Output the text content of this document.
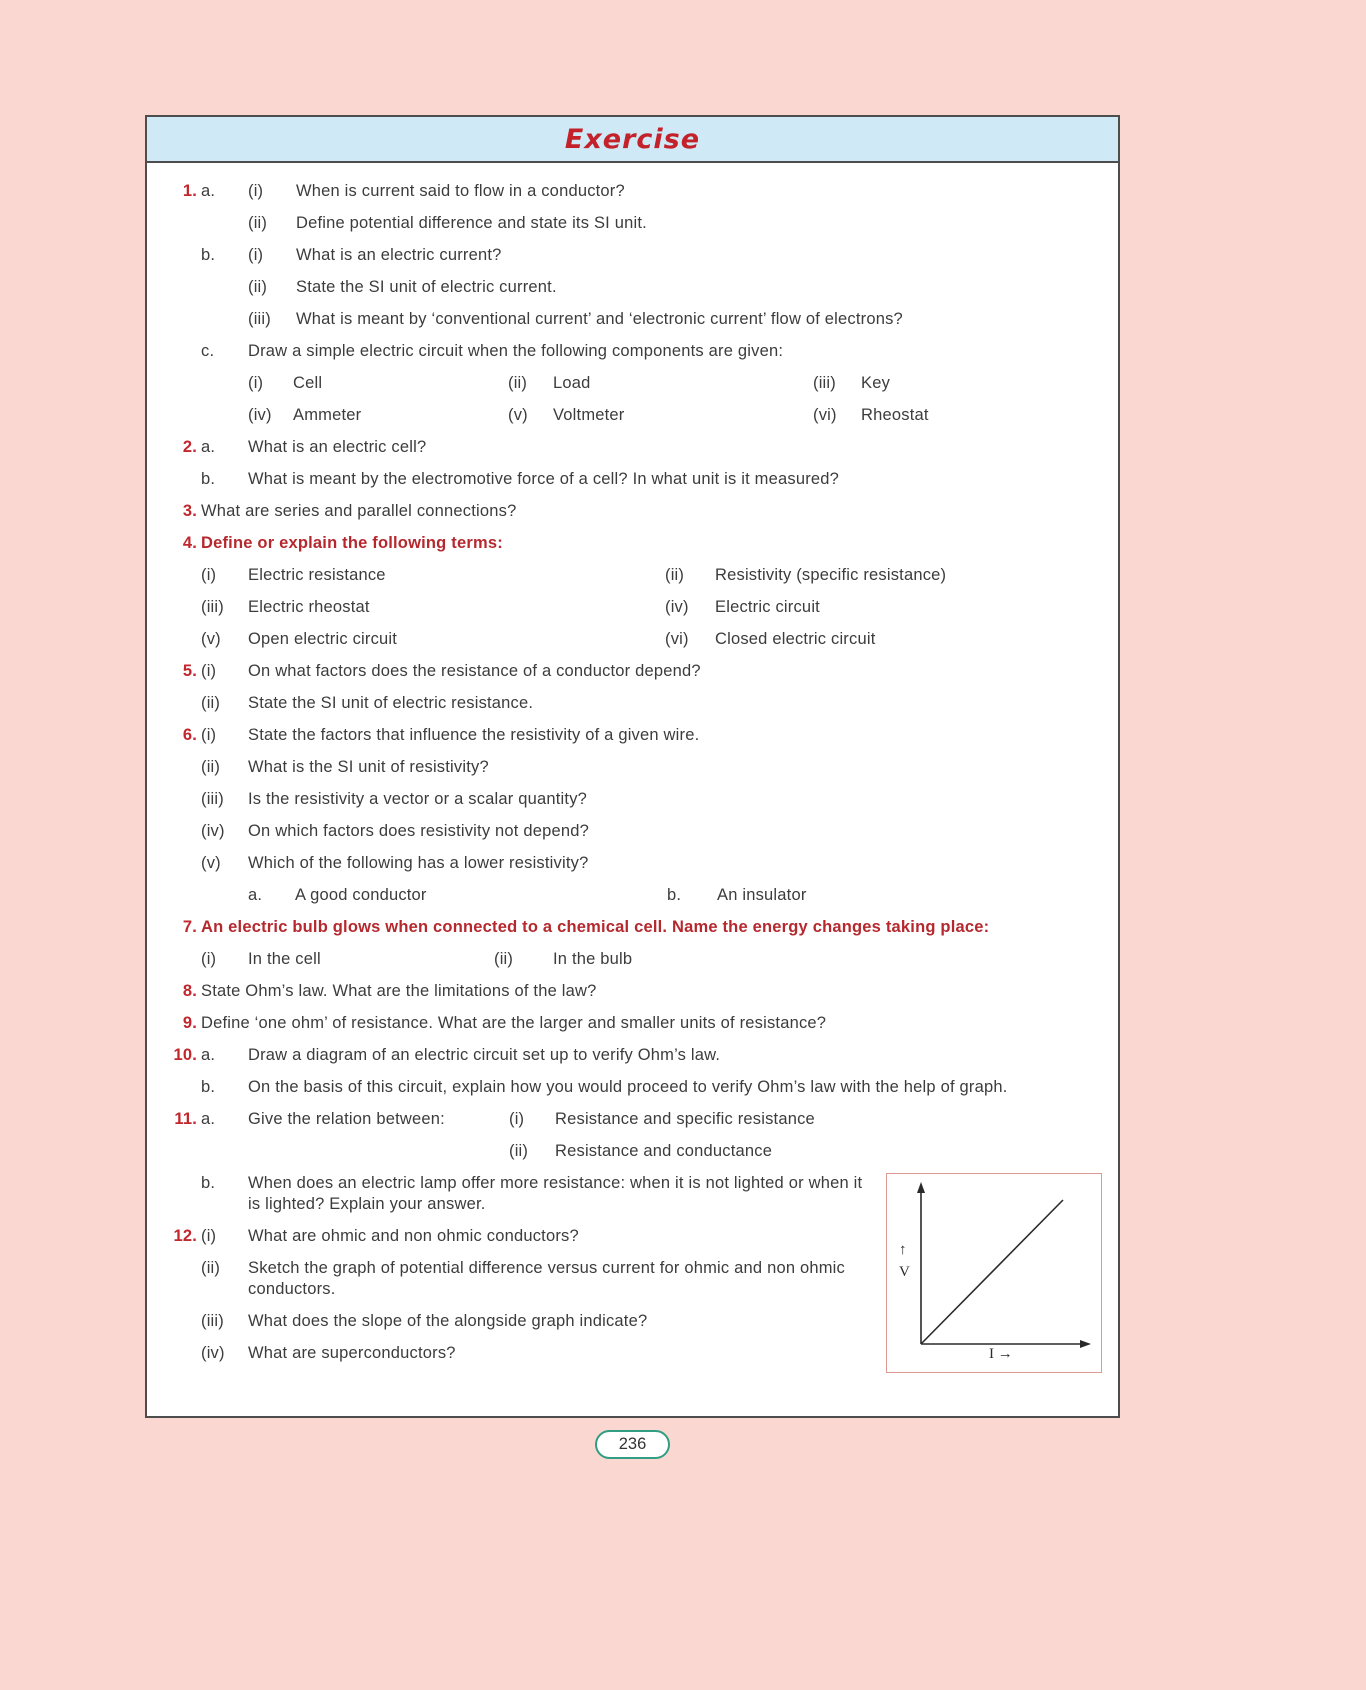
Exercise
1. a.	(i)	When is current said to flow in a conductor?
(ii)	Define potential difference and state its SI unit.
b.	(i)	What is an electric current?
(ii)	State the SI unit of electric current.
(iii)	What is meant by ‘conventional current’ and ‘electronic current’ flow of electrons?
c.	Draw a simple electric circuit when the following components are given:
(i)	Cell	(ii)	Load	(iii)	Key
(iv)	Ammeter	(v)	Voltmeter	(vi)	Rheostat
2. a.	What is an electric cell?
b.	What is meant by the electromotive force of a cell? In what unit is it measured?
3. What are series and parallel connections?
4. Define or explain the following terms:
(i)	Electric resistance	(ii)	Resistivity (specific resistance)
(iii)	Electric rheostat	(iv)	Electric circuit
(v)	Open electric circuit	(vi)	Closed electric circuit
5. (i)	On what factors does the resistance of a conductor depend?
(ii)	State the SI unit of electric resistance.
6. (i)	State the factors that influence the resistivity of a given wire.
(ii)	What is the SI unit of resistivity?
(iii)	Is the resistivity a vector or a scalar quantity?
(iv)	On which factors does resistivity not depend?
(v)	Which of the following has a lower resistivity?
a.	A good conductor	b.	An insulator
7. An electric bulb glows when connected to a chemical cell. Name the energy changes taking place:
(i)	In the cell	(ii)	In the bulb
8. State Ohm’s law. What are the limitations of the law?
9. Define ‘one ohm’ of resistance. What are the larger and smaller units of resistance?
10. a.	Draw a diagram of an electric circuit set up to verify Ohm’s law.
b.	On the basis of this circuit, explain how you would proceed to verify Ohm’s law with the help of graph.
11. a.	Give the relation between:	(i)	Resistance and specific resistance
(ii)	Resistance and conductance
b.	When does an electric lamp offer more resistance: when it is not lighted or when it is lighted? Explain your answer.
12. (i)	What are ohmic and non ohmic conductors?
(ii)	Sketch the graph of potential difference versus current for ohmic and non ohmic conductors.
(iii)	What does the slope of the alongside graph indicate?
(iv)	What are superconductors?
↑
V
I →
236
